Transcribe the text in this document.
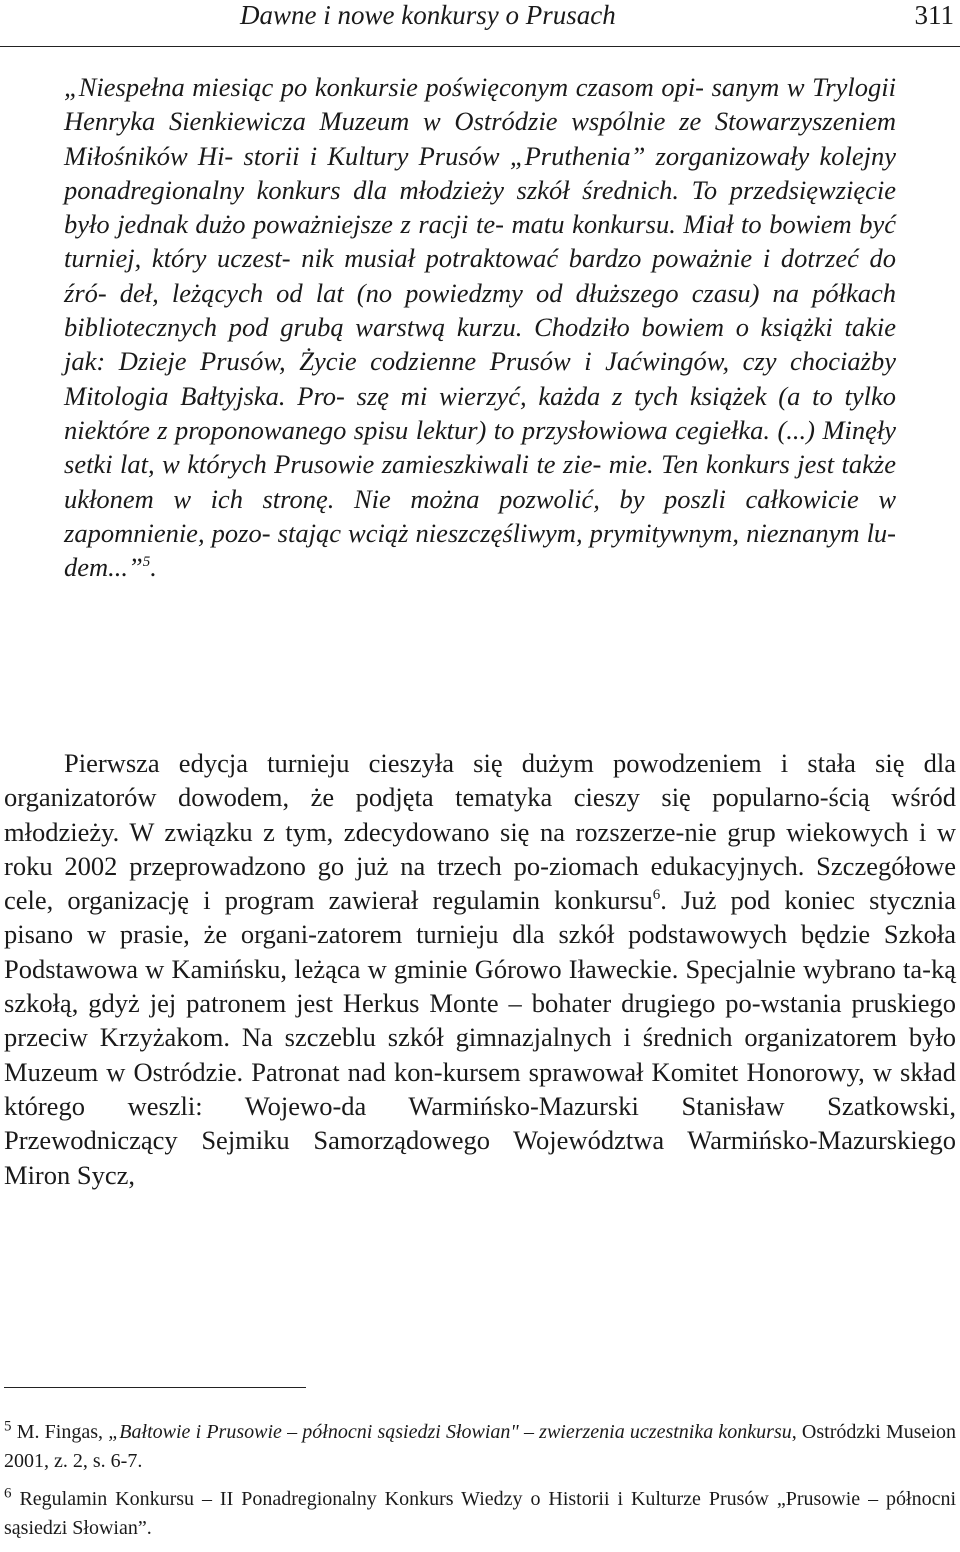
Dawne i nowe konkursy o Prusach	311
„Niespełna miesiąc po konkursie poświęconym czasom opi- sanym w Trylogii Henryka Sienkiewicza Muzeum w Ostródzie wspólnie ze Stowarzyszeniem Miłośników Hi- storii i Kultury Prusów „Pruthenia” zorganizowały kolejny ponadregionalny konkurs dla młodzieży szkół średnich. To przedsięwzięcie było jednak dużo poważniejsze z racji te- matu konkursu. Miał to bowiem być turniej, który uczest- nik musiał potraktować bardzo poważnie i dotrzeć do źró- deł, leżących od lat (no powiedzmy od dłuższego czasu) na półkach bibliotecznych pod grubą warstwą kurzu. Chodziło bowiem o książki takie jak: Dzieje Prusów, Życie codzienne Prusów i Jaćwingów, czy chociażby Mitologia Bałtyjska. Pro- szę mi wierzyć, każda z tych książek (a to tylko niektóre z proponowanego spisu lektur) to przysłowiowa cegiełka. (...) Minęły setki lat, w których Prusowie zamieszkiwali te zie- mie. Ten konkurs jest także ukłonem w ich stronę. Nie można pozwolić, by poszli całkowicie w zapomnienie, pozo- stając wciąż nieszczęśliwym, prymitywnym, nieznanym lu- dem...”$^5$.
Pierwsza edycja turnieju cieszyła się dużym powodzeniem i stała się dla organizatorów dowodem, że podjęta tematyka cieszy się popularno-ścią wśród młodzieży. W związku z tym, zdecydowano się na rozszerze-nie grup wiekowych i w roku 2002 przeprowadzono go już na trzech po-ziomach edukacyjnych. Szczegółowe cele, organizację i program zawierał regulamin konkursu$^6$. Już pod koniec stycznia pisano w prasie, że organi-zatorem turnieju dla szkół podstawowych będzie Szkoła Podstawowa w Kamińsku, leżąca w gminie Górowo Iławeckie. Specjalnie wybrano ta-ką szkołą, gdyż jej patronem jest Herkus Monte – bohater drugiego po-wstania pruskiego przeciw Krzyżakom. Na szczeblu szkół gimnazjalnych i średnich organizatorem było Muzeum w Ostródzie. Patronat nad kon-kursem sprawował Komitet Honorowy, w skład którego weszli: Wojewo-da Warmińsko-Mazurski Stanisław Szatkowski, Przewodniczący Sejmiku Samorządowego Województwa Warmińsko-Mazurskiego Miron Sycz,
$^5$ M. Fingas, „Bałtowie i Prusowie – północni sąsiedzi Słowian" – zwierzenia uczestnika konkursu, Ostródzki Museion 2001, z. 2, s. 6-7.
$^6$ Regulamin Konkursu – II Ponadregionalny Konkurs Wiedzy o Historii i Kulturze Prusów „Prusowie – północni sąsiedzi Słowian”.
